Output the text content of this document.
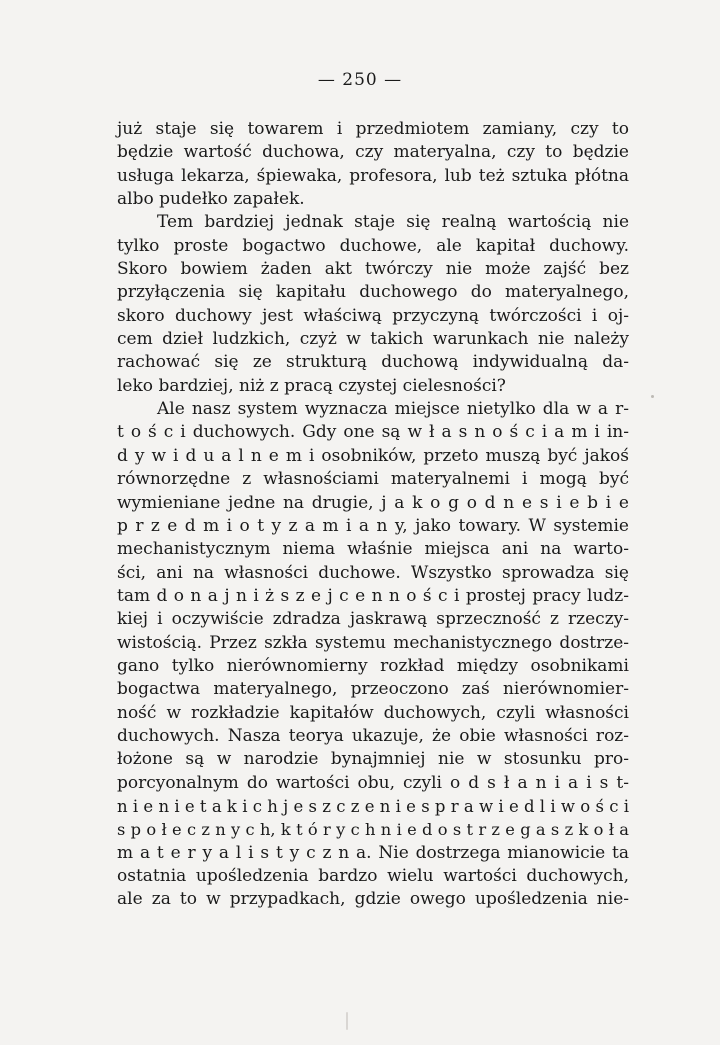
— 250 —
już staje się towarem i przedmiotem zamiany, czy to
będzie wartość duchowa, czy materyalna, czy to będzie
usługa lekarza, śpiewaka, profesora, lub też sztuka płótna
albo pudełko zapałek.
Tem bardziej jednak staje się realną wartością nie
tylko proste bogactwo duchowe, ale kapitał duchowy.
Skoro bowiem żaden akt twórczy nie może zajść bez
przyłączenia się kapitału duchowego do materyalnego,
skoro duchowy jest właściwą przyczyną twórczości i oj-
cem dzieł ludzkich, czyż w takich warunkach nie należy
rachować się ze strukturą duchową indywidualną da-
leko bardziej, niż z pracą czystej cielesności?
Ale nasz system wyznacza miejsce nietylko dla w a r-
t o ś c i duchowych. Gdy one są w ł a s n o ś c i a m i in-
d y w i d u a l n e m i osobników, przeto muszą być jakoś
równorzędne z własnościami materyalnemi i mogą być
wymieniane jedne na drugie, j a k o g o d n e s i e b i e
p r z e d m i o t y z a m i a n y, jako towary. W systemie
mechanistycznym niema właśnie miejsca ani na warto-
ści, ani na własności duchowe. Wszystko sprowadza się
tam d o n a j n i ż s z e j c e n n o ś c i prostej pracy ludz-
kiej i oczywiście zdradza jaskrawą sprzeczność z rzeczy-
wistością. Przez szkła systemu mechanistycznego dostrze-
gano tylko nierównomierny rozkład między osobnikami
bogactwa materyalnego, przeoczono zaś nierównomier-
ność w rozkładzie kapitałów duchowych, czyli własności
duchowych. Nasza teorya ukazuje, że obie własności roz-
łożone są w narodzie bynajmniej nie w stosunku pro-
porcyonalnym do wartości obu, czyli o d s ł a n i a i s t-
n i e n i e t a k i c h j e s z c z e n i e s p r a w i e d l i w o ś c i
s p o ł e c z n y c h, k t ó r y c h n i e d o s t r z e g a s z k o ł a
m a t e r y a l i s t y c z n a. Nie dostrzega mianowicie ta
ostatnia upośledzenia bardzo wielu wartości duchowych,
ale za to w przypadkach, gdzie owego upośledzenia nie-
